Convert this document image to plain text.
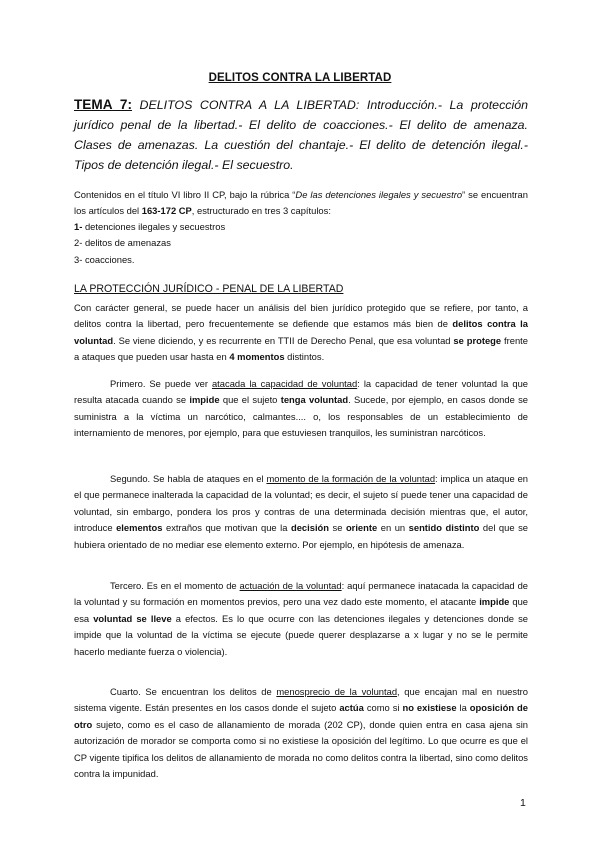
DELITOS CONTRA LA LIBERTAD
TEMA 7: DELITOS CONTRA A LA LIBERTAD: Introducción.- La protección jurídico penal de la libertad.- El delito de coacciones.- El delito de amenaza. Clases de amenazas. La cuestión del chantaje.- El delito de detención ilegal.- Tipos de detención ilegal.- El secuestro.
Contenidos en el título VI libro II CP, bajo la rúbrica “De las detenciones ilegales y secuestro” se encuentran los artículos del 163-172 CP, estructurado en tres 3 capítulos:
1- detenciones ilegales y secuestros
2- delitos de amenazas
3- coacciones.
LA PROTECCIÓN JURÍDICO - PENAL DE LA LIBERTAD
Con carácter general, se puede hacer un análisis del bien jurídico protegido que se refiere, por tanto, a delitos contra la libertad, pero frecuentemente se defiende que estamos más bien de delitos contra la voluntad. Se viene diciendo, y es recurrente en TTII de Derecho Penal, que esa voluntad se protege frente a ataques que pueden usar hasta en 4 momentos distintos.
Primero. Se puede ver atacada la capacidad de voluntad: la capacidad de tener voluntad la que resulta atacada cuando se impide que el sujeto tenga voluntad. Sucede, por ejemplo, en casos donde se suministra a la víctima un narcótico, calmantes.... o, los responsables de un establecimiento de internamiento de menores, por ejemplo, para que estuviesen tranquilos, les suministran narcóticos.
Segundo. Se habla de ataques en el momento de la formación de la voluntad: implica un ataque en el que permanece inalterada la capacidad de la voluntad; es decir, el sujeto sí puede tener una capacidad de voluntad, sin embargo, pondera los pros y contras de una determinada decisión mientras que, el autor, introduce elementos extraños que motivan que la decisión se oriente en un sentido distinto del que se hubiera orientado de no mediar ese elemento externo. Por ejemplo, en hipótesis de amenaza.
Tercero. Es en el momento de actuación de la voluntad: aquí permanece inatacada la capacidad de la voluntad y su formación en momentos previos, pero una vez dado este momento, el atacante impide que esa voluntad se lleve a efectos. Es lo que ocurre con las detenciones ilegales y detenciones donde se impide que la voluntad de la víctima se ejecute (puede querer desplazarse a x lugar y no se le permite hacerlo mediante fuerza o violencia).
Cuarto. Se encuentran los delitos de menosprecio de la voluntad, que encajan mal en nuestro sistema vigente. Están presentes en los casos donde el sujeto actúa como si no existiese la oposición de otro sujeto, como es el caso de allanamiento de morada (202 CP), donde quien entra en casa ajena sin autorización de morador se comporta como si no existiese la oposición del legítimo. Lo que ocurre es que el CP vigente tipifica los delitos de allanamiento de morada no como delitos contra la libertad, sino como delitos contra la impunidad.
1
